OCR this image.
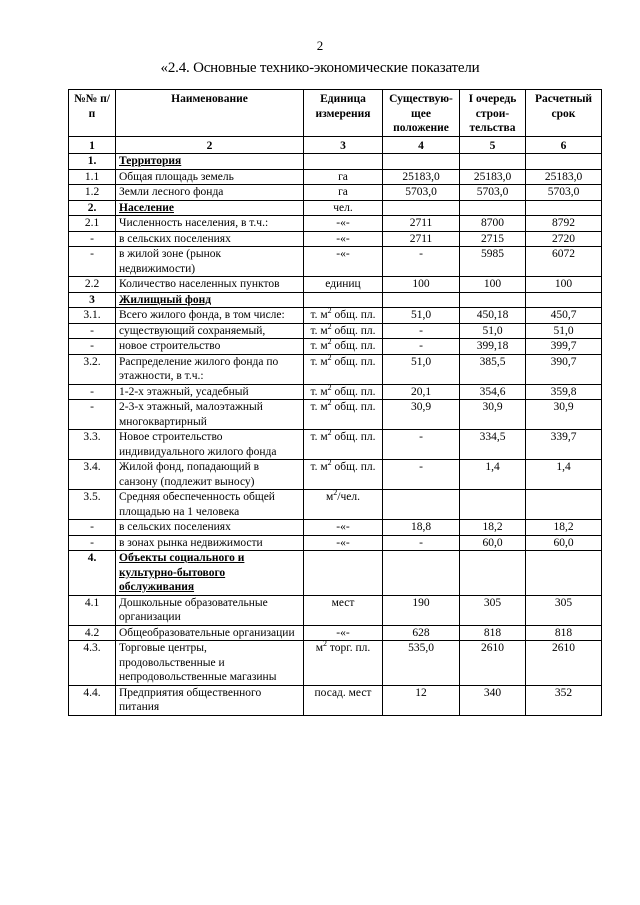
2
«2.4. Основные технико-экономические показатели
№№ п/п	Наименование	Единица измерения	Существую-щее положение	I очередь строи-тельства	Расчетный срок
1	2	3	4	5	6
1.	Территория				
1.1	Общая площадь земель	га	25183,0	25183,0	25183,0
1.2	Земли лесного фонда	га	5703,0	5703,0	5703,0
2.	Население	чел.			
2.1	Численность населения, в т.ч.:	-«-	2711	8700	8792
-	в сельских поселениях	-«-	2711	2715	2720
-	в жилой зоне (рынок недвижимости)	-«-	-	5985	6072
2.2	Количество населенных пунктов	единиц	100	100	100
3	Жилищный фонд				
3.1.	Всего жилого фонда, в том числе:	т. $м^2$ общ. пл.	51,0	450,18	450,7
-	существующий сохраняемый,	т. $м^2$ общ. пл.	-	51,0	51,0
-	новое строительство	т. $м^2$ общ. пл.	-	399,18	399,7
3.2.	Распределение жилого фонда по этажности, в т.ч.:	т. $м^2$ общ. пл.	51,0	385,5	390,7
-	1-2-х этажный, усадебный	т. $м^2$ общ. пл.	20,1	354,6	359,8
-	2-3-х этажный, малоэтажный многоквартирный	т. $м^2$ общ. пл.	30,9	30,9	30,9
3.3.	Новое строительство индивидуального жилого фонда	т. $м^2$ общ. пл.	-	334,5	339,7
3.4.	Жилой фонд, попадающий в санзону (подлежит выносу)	т. $м^2$ общ. пл.	-	1,4	1,4
3.5.	Средняя обеспеченность общей площадью на 1 человека	$м^2$/чел.			
-	в сельских поселениях	-«-	18,8	18,2	18,2
-	в зонах рынка недвижимости	-«-	-	60,0	60,0
4.	Объекты социального и культурно-бытового обслуживания				
4.1	Дошкольные образовательные организации	мест	190	305	305
4.2	Общеобразовательные организации	-«-	628	818	818
4.3.	Торговые центры, продовольственные и непродовольственные магазины	$м^2$ торг. пл.	535,0	2610	2610
4.4.	Предприятия общественного питания	посад. мест	12	340	352
